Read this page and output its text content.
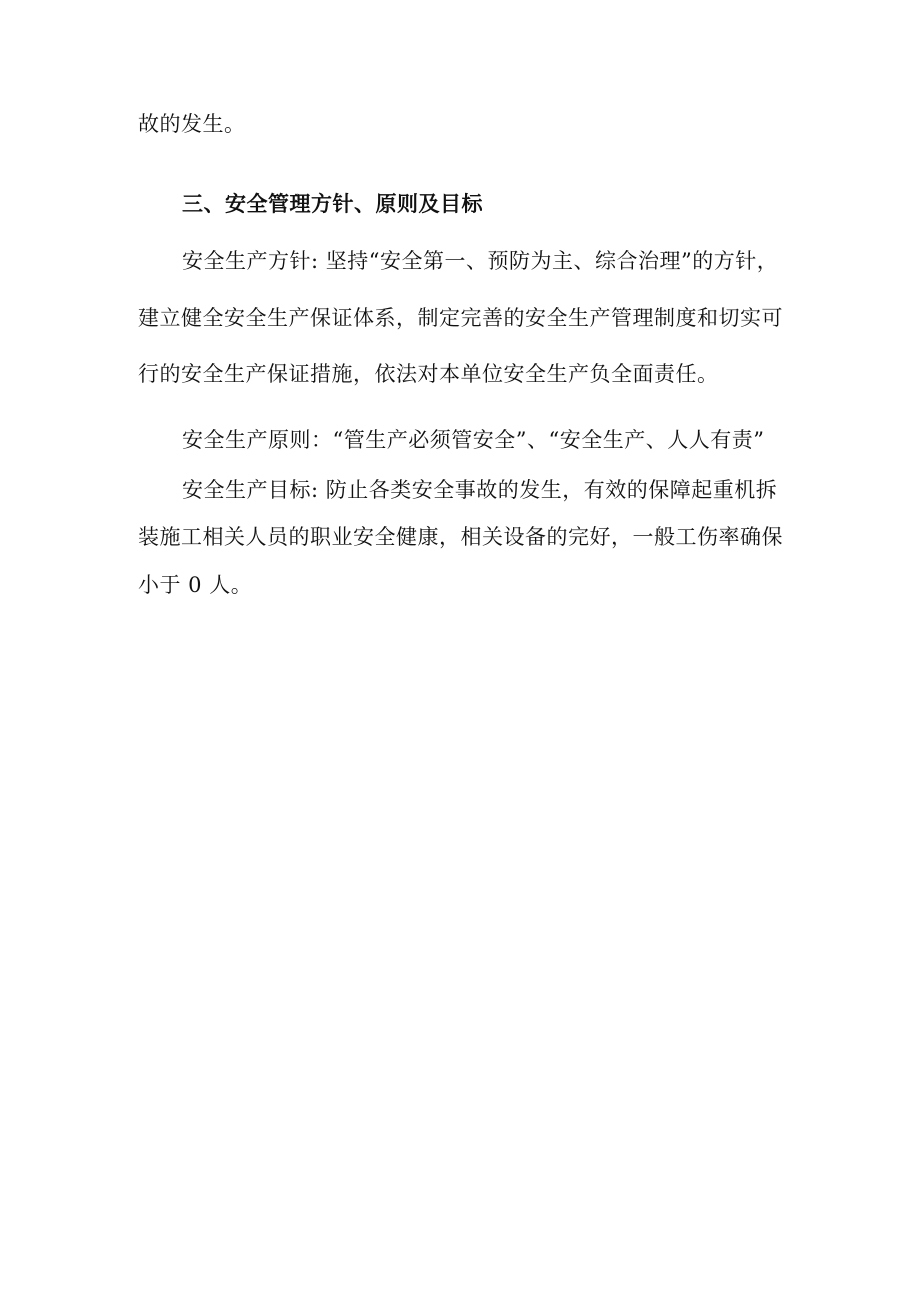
故的发生。
三、安全管理方针、原则及目标
安全生产方针: 坚持“安全第一、预防为主、综合治理”的方针，
建立健全安全生产保证体系，制定完善的安全生产管理制度和切实可
行的安全生产保证措施，依法对本单位安全生产负全面责任。
安全生产原则：“管生产必须管安全”、“安全生产、人人有责”
安全生产目标: 防止各类安全事故的发生，有效的保障起重机拆
装施工相关人员的职业安全健康，相关设备的完好，一般工伤率确保
小于 0 人。
